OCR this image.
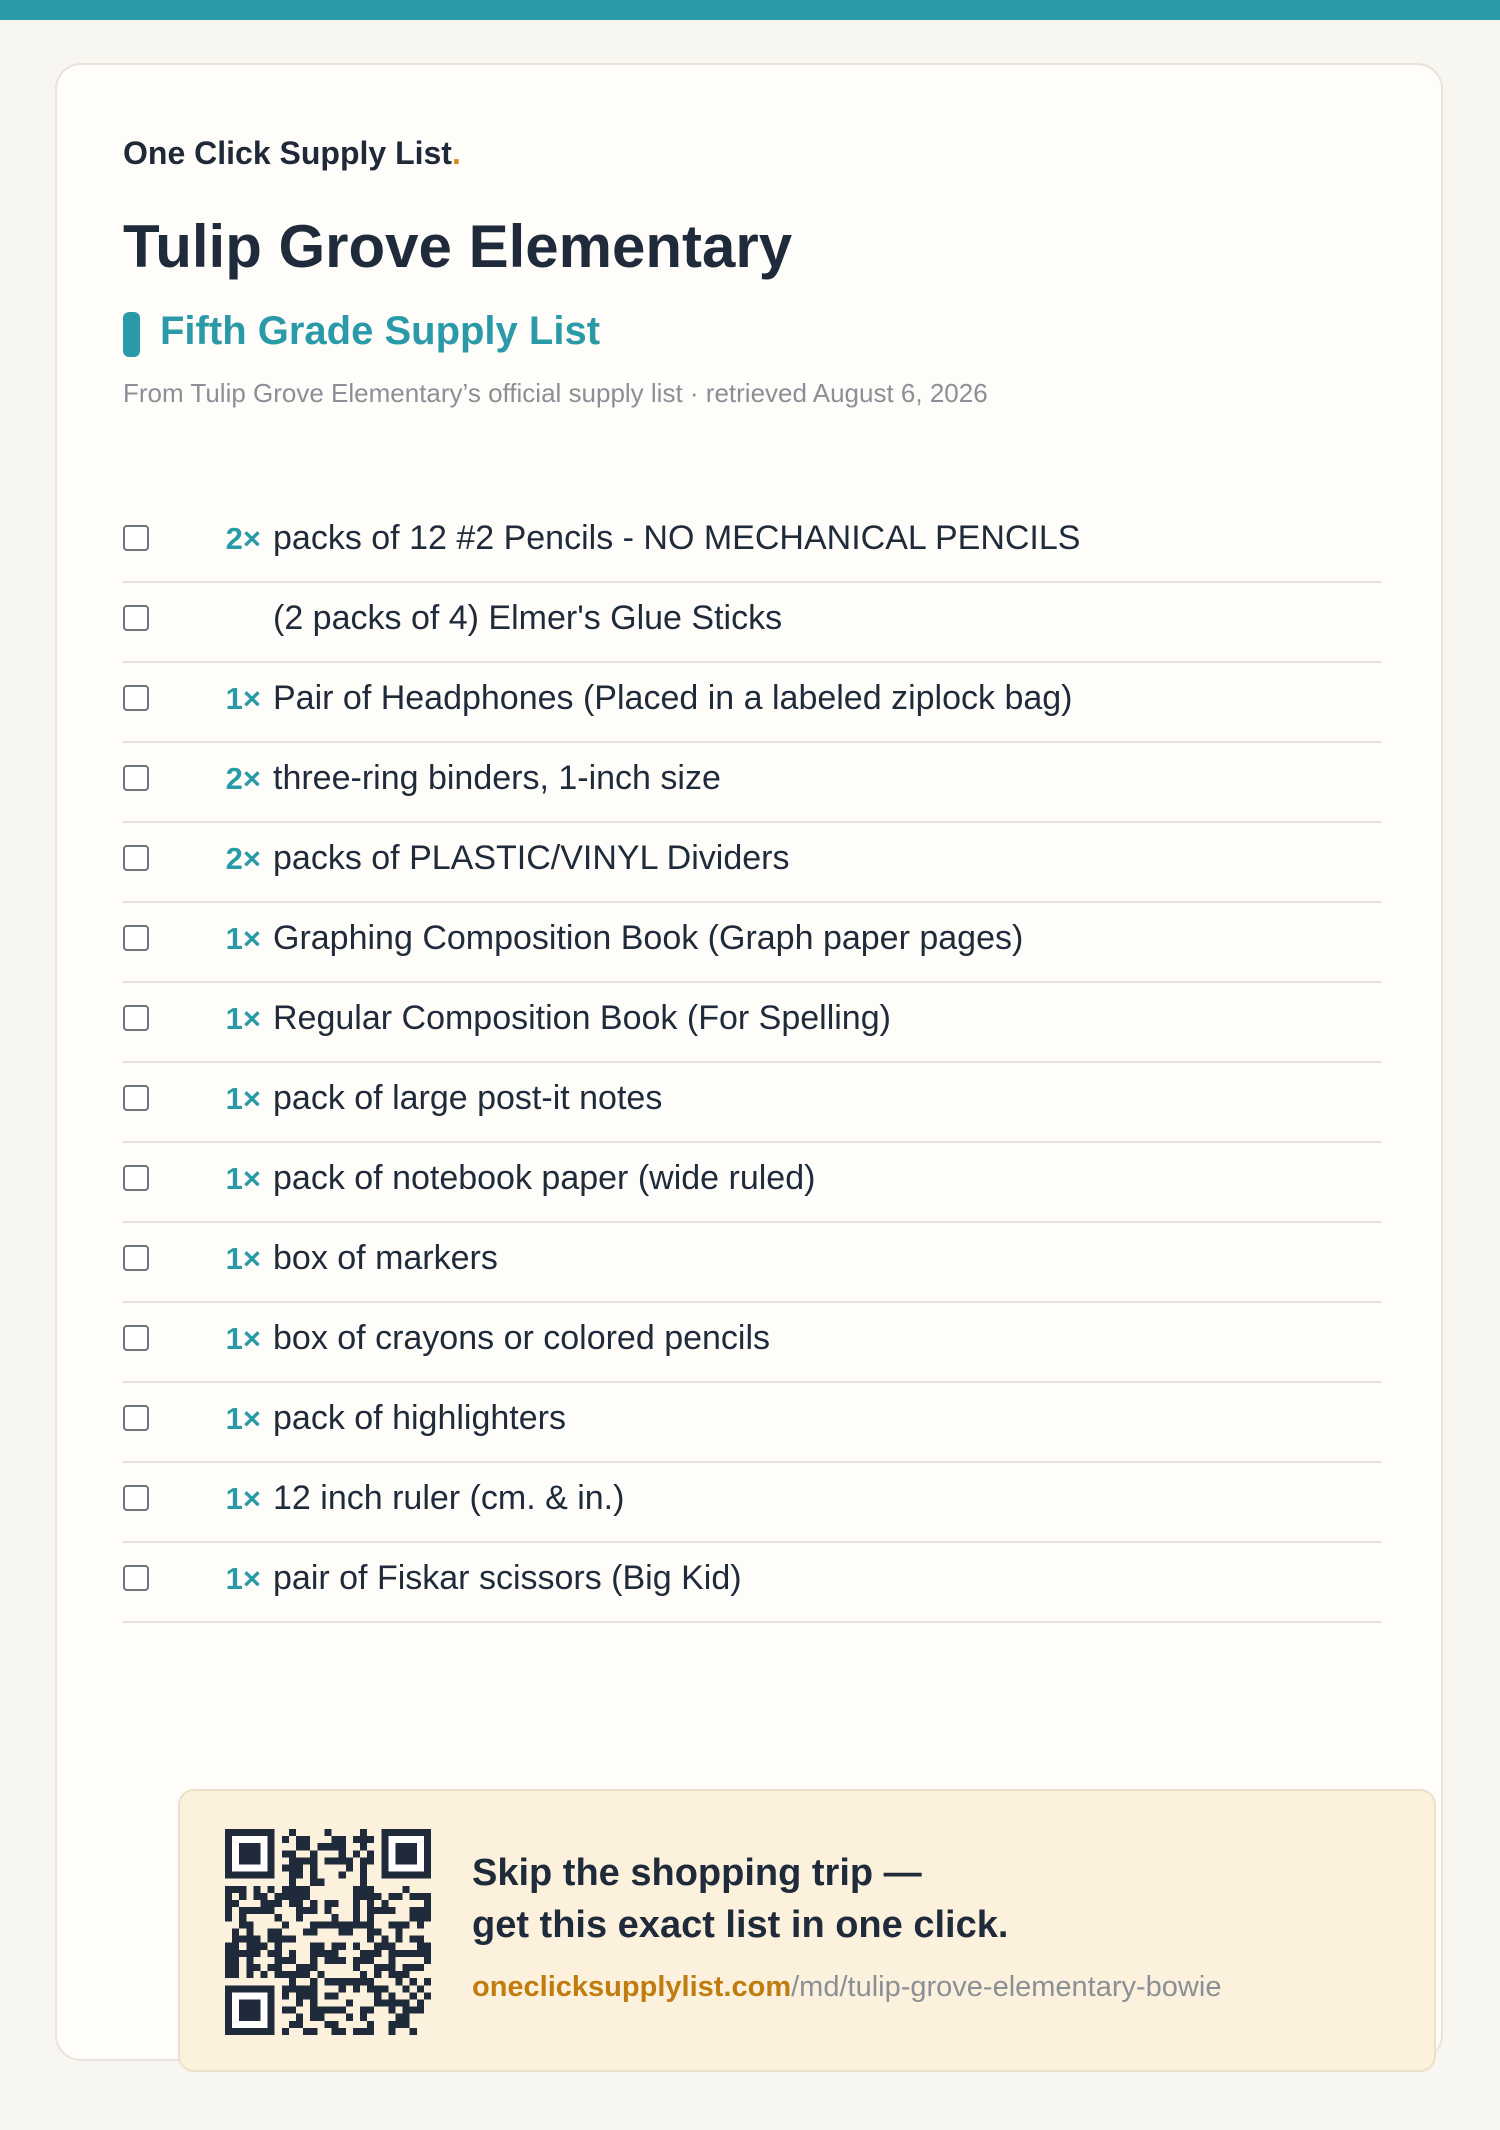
One Click Supply List.
Tulip Grove Elementary
Fifth Grade Supply List
From Tulip Grove Elementary’s official supply list · retrieved August 6, 2026
2× packs of 12 #2 Pencils - NO MECHANICAL PENCILS
(2 packs of 4) Elmer's Glue Sticks
1× Pair of Headphones (Placed in a labeled ziplock bag)
2× three-ring binders, 1-inch size
2× packs of PLASTIC/VINYL Dividers
1× Graphing Composition Book (Graph paper pages)
1× Regular Composition Book (For Spelling)
1× pack of large post-it notes
1× pack of notebook paper (wide ruled)
1× box of markers
1× box of crayons or colored pencils
1× pack of highlighters
1× 12 inch ruler (cm. & in.)
1× pair of Fiskar scissors (Big Kid)
Skip the shopping trip —
get this exact list in one click.
oneclicksupplylist.com/md/tulip-grove-elementary-bowie
